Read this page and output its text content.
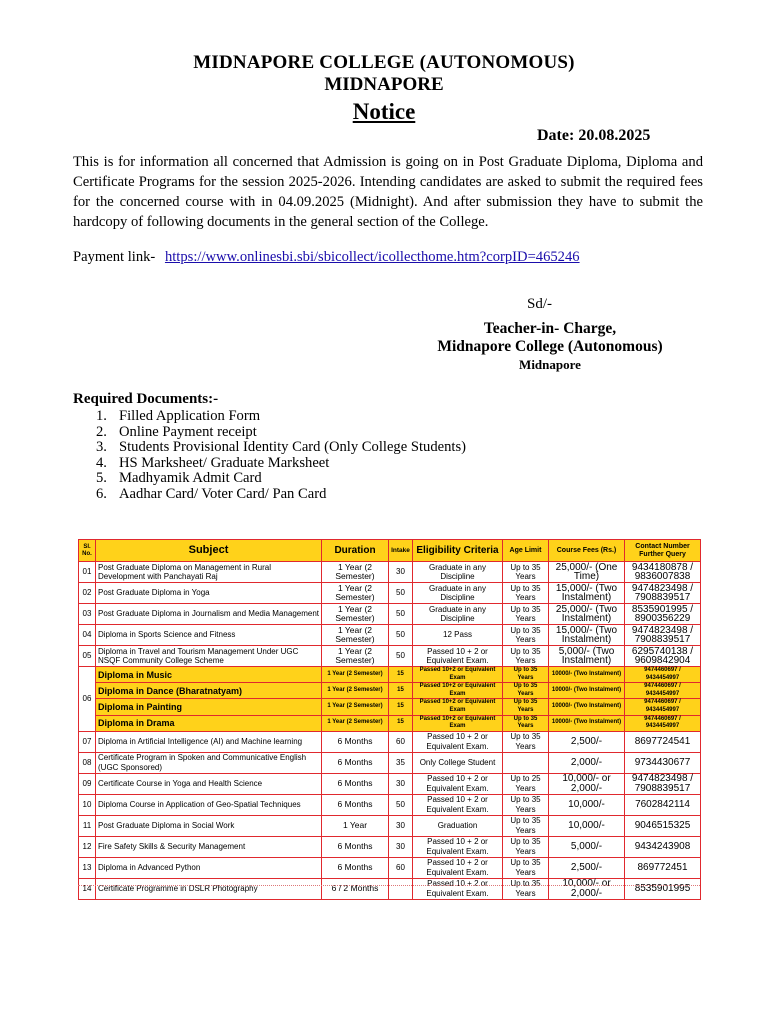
MIDNAPORE COLLEGE (AUTONOMOUS)
MIDNAPORE
Notice
Date: 20.08.2025
This is for information all concerned that Admission is going on in Post Graduate Diploma, Diploma and Certificate Programs for the session 2025-2026. Intending candidates are asked to submit the required fees for the concerned course with in 04.09.2025 (Midnight). And after submission they have to submit the hardcopy of following documents in the general section of the College.
Payment link- https://www.onlinesbi.sbi/sbicollect/icollecthome.htm?corpID=465246
Sd/-
Teacher-in- Charge,
Midnapore College (Autonomous)
Midnapore
Required Documents:-
1. Filled Application Form
2. Online Payment receipt
3. Students Provisional Identity Card (Only College Students)
4. HS Marksheet/ Graduate Marksheet
5. Madhyamik Admit Card
6. Aadhar Card/ Voter Card/ Pan Card
Sl. No.	Subject	Duration	Intake	Eligibility Criteria	Age Limit	Course Fees (Rs.)	Contact Number Further Query
01	Post Graduate Diploma on Management in Rural Development with Panchayati Raj	1 Year (2 Semester)	30	Graduate in any Discipline	Up to 35 Years	25,000/- (One Time)	9434180878 / 9836007838
02	Post Graduate Diploma in Yoga	1 Year (2 Semester)	50	Graduate in any Discipline	Up to 35 Years	15,000/- (Two Instalment)	9474823498 / 7908839517
03	Post Graduate Diploma in Journalism and Media Management	1 Year (2 Semester)	50	Graduate in any Discipline	Up to 35 Years	25,000/- (Two Instalment)	8535901995 / 8900356229
04	Diploma in Sports Science and Fitness	1 Year (2 Semester)	50	12 Pass	Up to 35 Years	15,000/- (Two Instalment)	9474823498 / 7908839517
05	Diploma in Travel and Tourism Management Under UGC NSQF Community College Scheme	1 Year (2 Semester)	50	Passed 10 + 2 or Equivalent Exam.	Up to 35 Years	5,000/- (Two Instalment)	6295740138 / 9609842904
06	Diploma in Music	1 Year (2 Semester)	15	Passed 10+2 or Equivalent Exam	Up to 35 Years	10000/- (Two Instalment)	9474460697 / 9434454997
	Diploma in Dance (Bharatnatyam)	1 Year (2 Semester)	15	Passed 10+2 or Equivalent Exam	Up to 35 Years	10000/- (Two Instalment)	9474460697 / 9434454997
	Diploma in Painting	1 Year (2 Semester)	15	Passed 10+2 or Equivalent Exam	Up to 35 Years	10000/- (Two Instalment)	9474460697 / 9434454997
	Diploma in Drama	1 Year (2 Semester)	15	Passed 10+2 or Equivalent Exam	Up to 35 Years	10000/- (Two Instalment)	9474460697 / 9434454997
07	Diploma in Artificial Intelligence (AI) and Machine learning	6 Months	60	Passed 10 + 2 or Equivalent Exam.	Up to 35 Years	2,500/-	8697724541
08	Certificate Program in Spoken and Communicative English (UGC Sponsored)	6 Months	35	Only College Student		2,000/-	9734430677
09	Certificate Course in Yoga and Health Science	6 Months	30	Passed 10 + 2 or Equivalent Exam.	Up to 25 Years	10,000/- or 2,000/-	9474823498 / 7908839517
10	Diploma Course in Application of Geo-Spatial Techniques	6 Months	50	Passed 10 + 2 or Equivalent Exam.	Up to 35 Years	10,000/-	7602842114
11	Post Graduate Diploma in Social Work	1 Year	30	Graduation	Up to 35 Years	10,000/-	9046515325
12	Fire Safety Skills & Security Management	6 Months	30	Passed 10 + 2 or Equivalent Exam.	Up to 35 Years	5,000/-	9434243908
13	Diploma in Advanced Python	6 Months	60	Passed 10 + 2 or Equivalent Exam.	Up to 35 Years	2,500/-	869772451
14	Certificate Programme in DSLR Photography	6 / 2 Months		Passed 10 + 2 or Equivalent Exam.	Up to 35 Years	10,000/- or 2,000/-	8535901995
